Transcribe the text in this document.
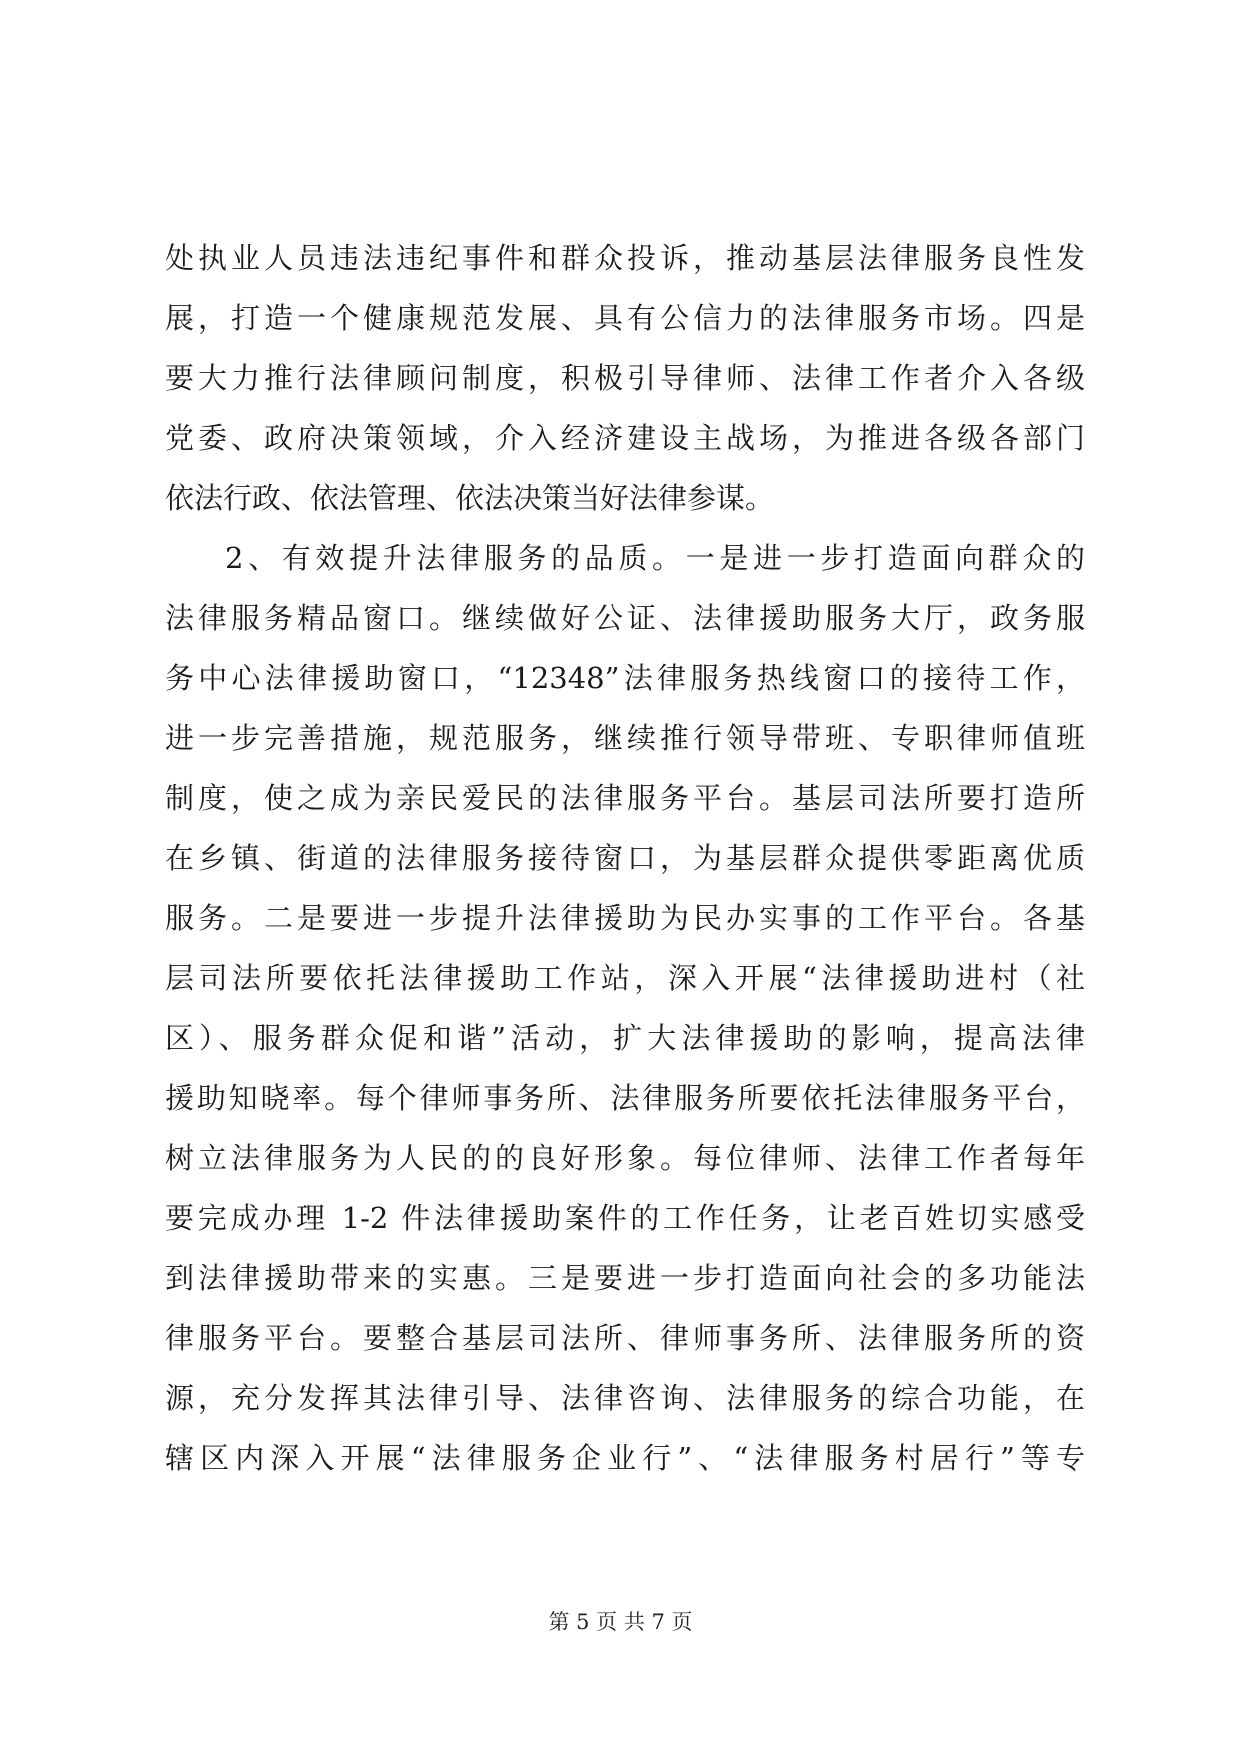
处执业人员违法违纪事件和群众投诉，推动基层法律服务良性发
展，打造一个健康规范发展、具有公信力的法律服务市场。四是
要大力推行法律顾问制度，积极引导律师、法律工作者介入各级
党委、政府决策领域，介入经济建设主战场，为推进各级各部门
依法行政、依法管理、依法决策当好法律参谋。
2、有效提升法律服务的品质。一是进一步打造面向群众的
法律服务精品窗口。继续做好公证、法律援助服务大厅，政务服
务中心法律援助窗口，“12348”法律服务热线窗口的接待工作，
进一步完善措施，规范服务，继续推行领导带班、专职律师值班
制度，使之成为亲民爱民的法律服务平台。基层司法所要打造所
在乡镇、街道的法律服务接待窗口，为基层群众提供零距离优质
服务。二是要进一步提升法律援助为民办实事的工作平台。各基
层司法所要依托法律援助工作站，深入开展“法律援助进村（社
区）、服务群众促和谐”活动，扩大法律援助的影响，提高法律
援助知晓率。每个律师事务所、法律服务所要依托法律服务平台，
树立法律服务为人民的的良好形象。每位律师、法律工作者每年
要完成办理 1-2 件法律援助案件的工作任务，让老百姓切实感受
到法律援助带来的实惠。三是要进一步打造面向社会的多功能法
律服务平台。要整合基层司法所、律师事务所、法律服务所的资
源，充分发挥其法律引导、法律咨询、法律服务的综合功能，在
辖区内深入开展“法律服务企业行”、“法律服务村居行”等专
第 5 页 共 7 页
